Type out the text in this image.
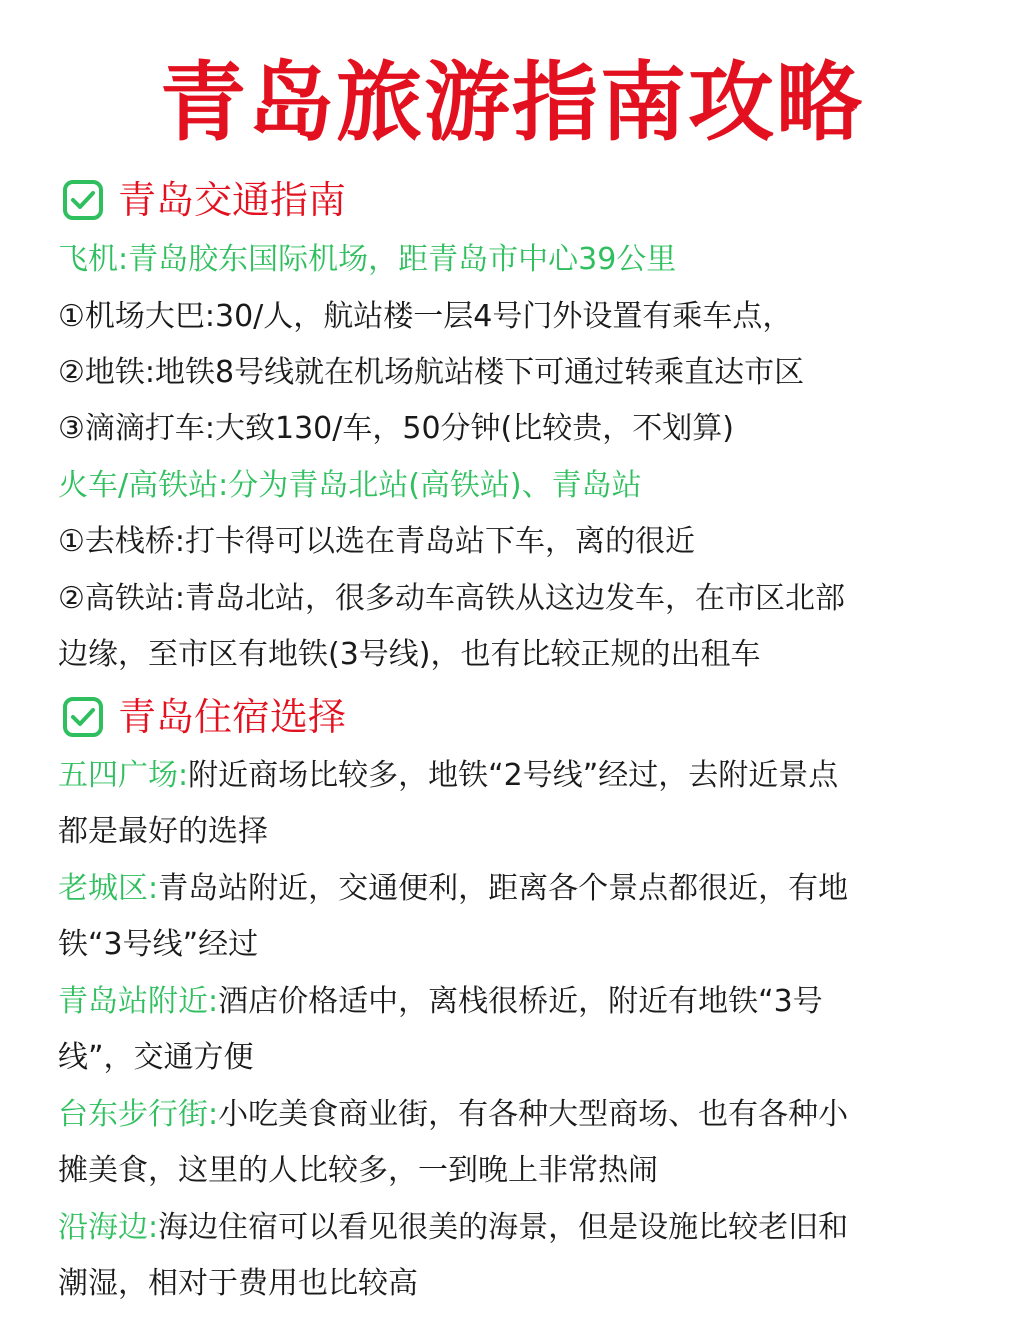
青岛旅游指南攻略
青岛交通指南
飞机:青岛胶东国际机场，距青岛市中心39公里
①机场大巴:30/人，航站楼一层4号门外设置有乘车点，
②地铁:地铁8号线就在机场航站楼下可通过转乘直达市区
③滴滴打车:大致130/车，50分钟(比较贵，不划算)
火车/高铁站:分为青岛北站(高铁站)、青岛站
①去栈桥:打卡得可以选在青岛站下车，离的很近
②高铁站:青岛北站，很多动车高铁从这边发车，在市区北部
边缘，至市区有地铁(3号线)，也有比较正规的出租车
青岛住宿选择
五四广场:附近商场比较多，地铁“2号线”经过，去附近景点
都是最好的选择
老城区:青岛站附近，交通便利，距离各个景点都很近，有地
铁“3号线”经过
青岛站附近:酒店价格适中，离栈很桥近，附近有地铁“3号
线”，交通方便
台东步行街:小吃美食商业街，有各种大型商场、也有各种小
摊美食，这里的人比较多，一到晚上非常热闹
沿海边:海边住宿可以看见很美的海景，但是设施比较老旧和
潮湿，相对于费用也比较高
